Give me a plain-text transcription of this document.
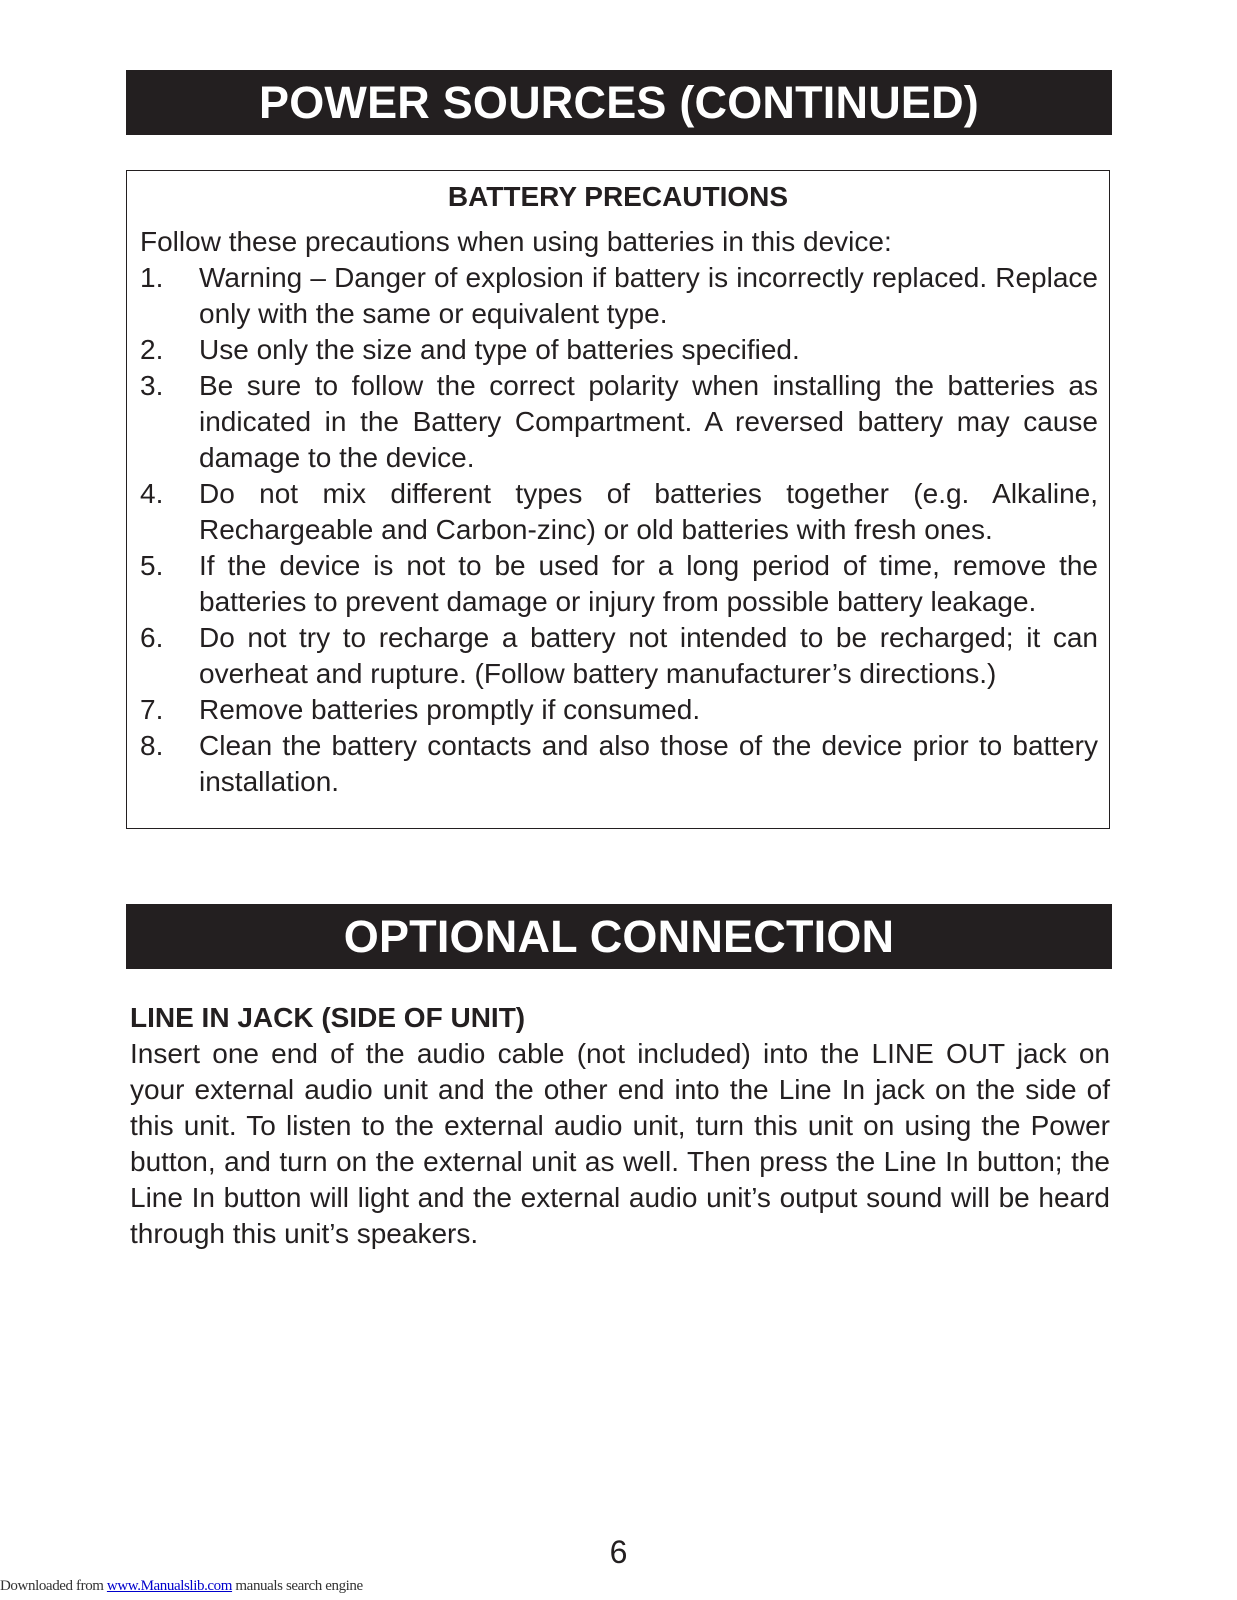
POWER SOURCES (CONTINUED)
BATTERY PRECAUTIONS
Follow these precautions when using batteries in this device:
1. Warning – Danger of explosion if battery is incorrectly replaced. Replace only with the same or equivalent type.
2. Use only the size and type of batteries specified.
3. Be sure to follow the correct polarity when installing the batteries as indicated in the Battery Compartment. A reversed battery may cause damage to the device.
4. Do not mix different types of batteries together (e.g. Alkaline, Rechargeable and Carbon-zinc) or old batteries with fresh ones.
5. If the device is not to be used for a long period of time, remove the batteries to prevent damage or injury from possible battery leakage.
6. Do not try to recharge a battery not intended to be recharged; it can overheat and rupture. (Follow battery manufacturer’s directions.)
7. Remove batteries promptly if consumed.
8. Clean the battery contacts and also those of the device prior to battery installation.
OPTIONAL CONNECTION
LINE IN JACK (SIDE OF UNIT)

Insert one end of the audio cable (not included) into the LINE OUT jack on your external audio unit and the other end into the Line In jack on the side of this unit. To listen to the external audio unit, turn this unit on using the Power button, and turn on the external unit as well. Then press the Line In button; the Line In button will light and the external audio unit’s output sound will be heard through this unit’s speakers.

6
Downloaded from www.Manualslib.com manuals search engine
